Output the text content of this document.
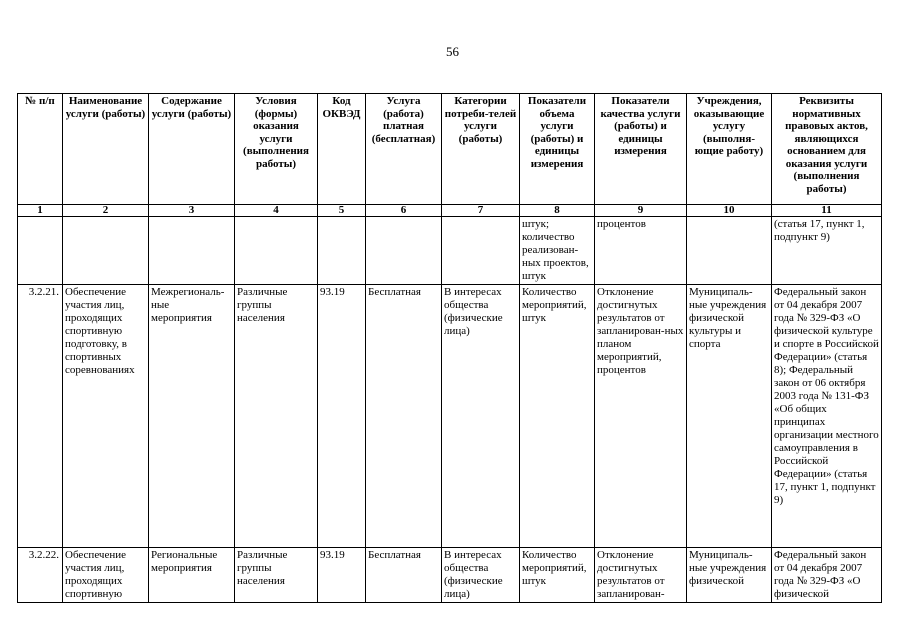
56
№ п/п	Наименование услуги (работы)	Содержание услуги (работы)	Условия (формы) оказания услуги (выполнения работы)	Код ОКВЭД	Услуга (работа) платная (бесплатная)	Категории потреби-телей услуги (работы)	Показатели объема услуги (работы) и единицы измерения	Показатели качества услуги (работы) и единицы измерения	Учреждения, оказывающие услугу (выполня-ющие работу)	Реквизиты нормативных правовых актов, являющихся основанием для оказания услуги (выполнения работы)
1	2	3	4	5	6	7	8	9	10	11
							штук; количество реализован-ных проектов, штук	процентов		(статья 17, пункт 1, подпункт 9)
3.2.21.	Обеспечение участия лиц, проходящих спортивную подготовку, в спортивных соревнованиях	Межрегиональ-ные мероприятия	Различные группы населения	93.19	Бесплатная	В интересах общества (физические лица)	Количество мероприятий, штук	Отклонение достигнутых результатов от запланирован-ных планом мероприятий, процентов	Муниципаль-ные учреждения физической культуры и спорта	Федеральный закон от 04 декабря 2007 года № 329-ФЗ «О физической культуре и спорте в Российской Федерации» (статья 8); Федеральный закон от 06 октября 2003 года № 131-ФЗ «Об общих принципах организации местного самоуправления в Российской Федерации» (статья 17, пункт 1, подпункт 9)
3.2.22.	Обеспечение участия лиц, проходящих спортивную	Региональные мероприятия	Различные группы населения	93.19	Бесплатная	В интересах общества (физические лица)	Количество мероприятий, штук	Отклонение достигнутых результатов от запланирован-	Муниципаль-ные учреждения физической	Федеральный закон от 04 декабря 2007 года № 329-ФЗ «О физической
